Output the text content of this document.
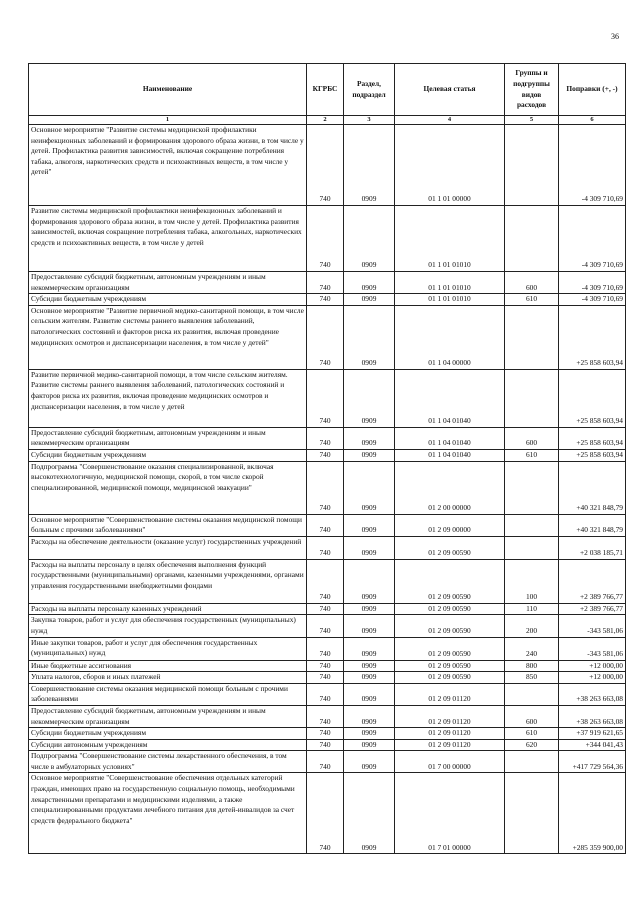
36
Наименование	КГРБС	Раздел, подраздел	Целевая статья	Группы и подгруппы видов расходов	Поправки (+, -)
1	2	3	4	5	6
Основное мероприятие "Развитие системы медицинской профилактики неинфекционных заболеваний и формирования здорового образа жизни, в том числе у детей. Профилактика развития зависимостей, включая сокращение потребления табака, алкоголя, наркотических средств и психоактивных веществ, в том числе у детей"	740	0909	01 1 01 00000		-4 309 710,69
Развитие системы медицинской профилактики неинфекционных заболеваний и формирования здорового образа жизни, в том числе у детей. Профилактика развития зависимостей, включая сокращение потребления табака, алкогольных, наркотических средств и психоактивных веществ, в том числе у детей	740	0909	01 1 01 01010		-4 309 710,69
Предоставление субсидий бюджетным, автономным учреждениям и иным некоммерческим организациям	740	0909	01 1 01 01010	600	-4 309 710,69
Субсидии бюджетным учреждениям	740	0909	01 1 01 01010	610	-4 309 710,69
Основное мероприятие "Развитие первичной медико-санитарной помощи, в том числе сельским жителям. Развитие системы раннего выявления заболеваний, патологических состояний и факторов риска их развития, включая проведение медицинских осмотров и диспансеризации населения, в том числе у детей"	740	0909	01 1 04 00000		+25 858 603,94
Развитие первичной медико-санитарной помощи, в том числе сельским жителям. Развитие системы раннего выявления заболеваний, патологических состояний и факторов риска их развития, включая проведение медицинских осмотров и диспансеризации населения, в том числе у детей	740	0909	01 1 04 01040		+25 858 603,94
Предоставление субсидий бюджетным, автономным учреждениям и иным некоммерческим организациям	740	0909	01 1 04 01040	600	+25 858 603,94
Субсидии бюджетным учреждениям	740	0909	01 1 04 01040	610	+25 858 603,94
Подпрограмма "Совершенствование оказания специализированной, включая высокотехнологичную, медицинской помощи, скорой, в том числе скорой специализированной, медицинской помощи, медицинской эвакуации"	740	0909	01 2 00 00000		+40 321 848,79
Основное мероприятие "Совершенствование системы оказания медицинской помощи больным с прочими заболеваниями"	740	0909	01 2 09 00000		+40 321 848,79
Расходы на обеспечение деятельности (оказание услуг) государственных учреждений	740	0909	01 2 09 00590		+2 038 185,71
Расходы на выплаты персоналу в целях обеспечения выполнения функций государственными (муниципальными) органами, казенными учреждениями, органами управления государственными внебюджетными фондами	740	0909	01 2 09 00590	100	+2 389 766,77
Расходы на выплаты персоналу казенных учреждений	740	0909	01 2 09 00590	110	+2 389 766,77
Закупка товаров, работ и услуг для обеспечения государственных (муниципальных) нужд	740	0909	01 2 09 00590	200	-343 581,06
Иные закупки товаров, работ и услуг для обеспечения государственных (муниципальных) нужд	740	0909	01 2 09 00590	240	-343 581,06
Иные бюджетные ассигнования	740	0909	01 2 09 00590	800	+12 000,00
Уплата налогов, сборов и иных платежей	740	0909	01 2 09 00590	850	+12 000,00
Совершенствование системы оказания медицинской помощи больным с прочими заболеваниями	740	0909	01 2 09 01120		+38 263 663,08
Предоставление субсидий бюджетным, автономным учреждениям и иным некоммерческим организациям	740	0909	01 2 09 01120	600	+38 263 663,08
Субсидии бюджетным учреждениям	740	0909	01 2 09 01120	610	+37 919 621,65
Субсидии автономным учреждениям	740	0909	01 2 09 01120	620	+344 041,43
Подпрограмма "Совершенствование системы лекарственного обеспечения, в том числе в амбулаторных условиях"	740	0909	01 7 00 00000		+417 729 564,36
Основное мероприятие "Совершенствование обеспечения отдельных категорий граждан, имеющих право на государственную социальную помощь, необходимыми лекарственными препаратами и медицинскими изделиями, а также специализированными продуктами лечебного питания для детей-инвалидов за счет средств федерального бюджета"	740	0909	01 7 01 00000		+285 359 900,00
